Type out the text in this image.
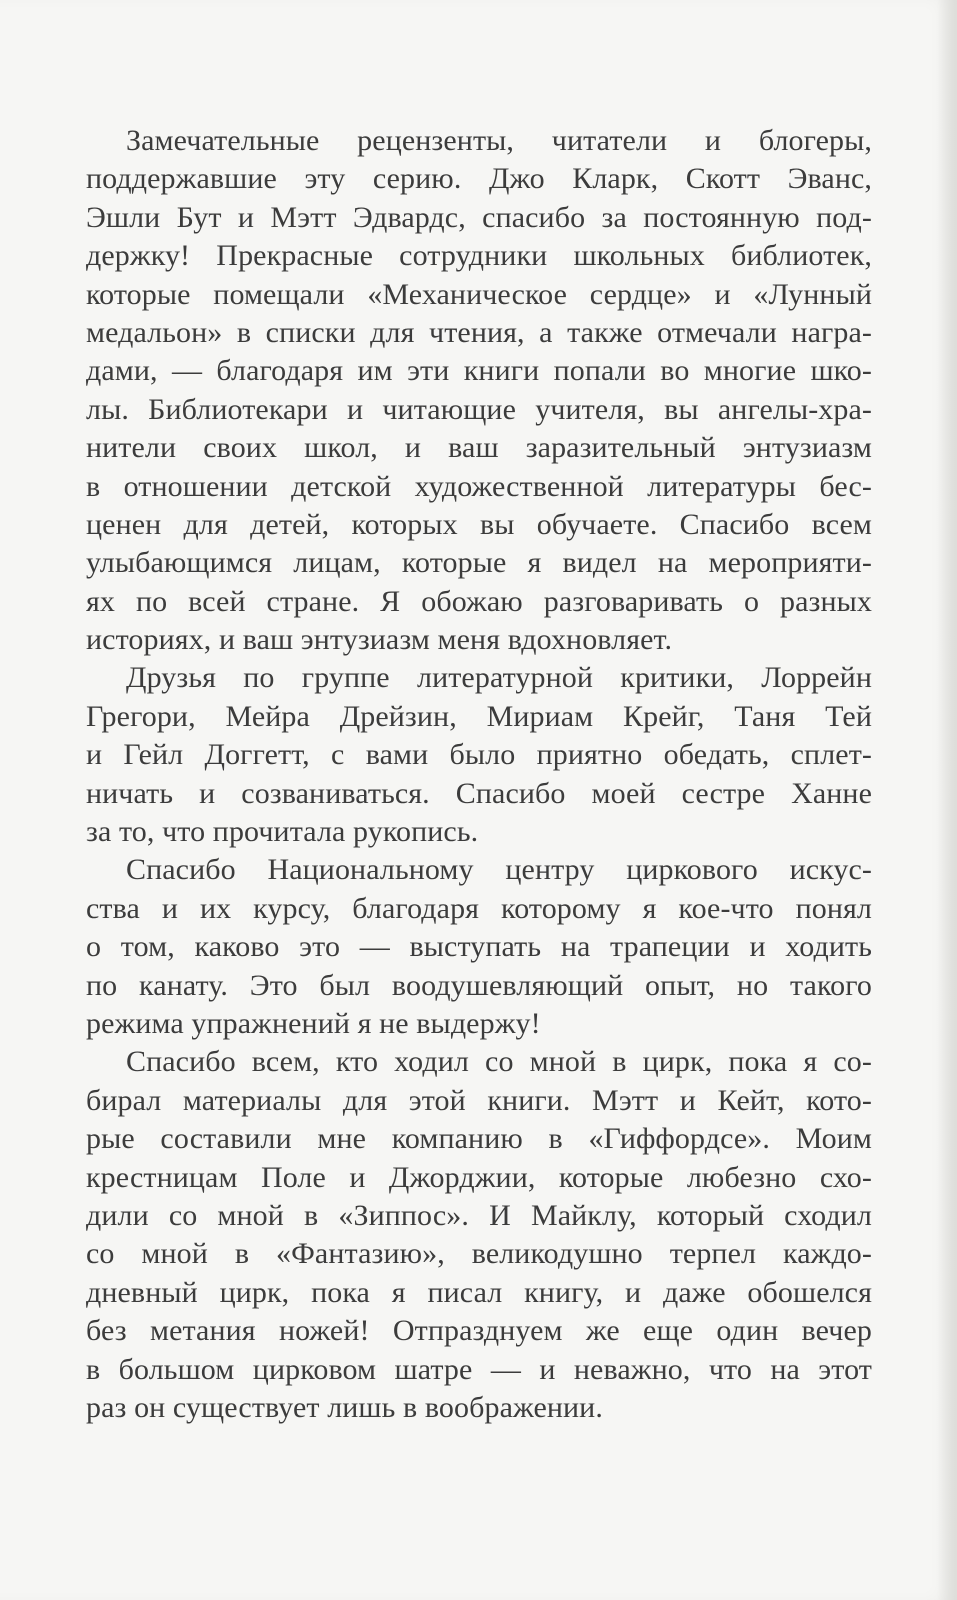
Замечательные рецензенты, читатели и блогеры,
поддержавшие эту серию. Джо Кларк, Скотт Эванс,
Эшли Бут и Мэтт Эдвардс, спасибо за постоянную под-
держку! Прекрасные сотрудники школьных библиотек,
которые помещали «Механическое сердце» и «Лунный
медальон» в списки для чтения, а также отмечали награ-
дами, — благодаря им эти книги попали во многие шко-
лы. Библиотекари и читающие учителя, вы ангелы-хра-
нители своих школ, и ваш заразительный энтузиазм
в отношении детской художественной литературы бес-
ценен для детей, которых вы обучаете. Спасибо всем
улыбающимся лицам, которые я видел на мероприяти-
ях по всей стране. Я обожаю разговаривать о разных
историях, и ваш энтузиазм меня вдохновляет.
Друзья по группе литературной критики, Лоррейн
Грегори, Мейра Дрейзин, Мириам Крейг, Таня Тей
и Гейл Доггетт, с вами было приятно обедать, сплет-
ничать и созваниваться. Спасибо моей сестре Ханне
за то, что прочитала рукопись.
Спасибо Национальному центру циркового искус-
ства и их курсу, благодаря которому я кое-что понял
о том, каково это — выступать на трапеции и ходить
по канату. Это был воодушевляющий опыт, но такого
режима упражнений я не выдержу!
Спасибо всем, кто ходил со мной в цирк, пока я со-
бирал материалы для этой книги. Мэтт и Кейт, кото-
рые составили мне компанию в «Гиффордсе». Моим
крестницам Поле и Джорджии, которые любезно схо-
дили со мной в «Зиппос». И Майклу, который сходил
со мной в «Фантазию», великодушно терпел каждо-
дневный цирк, пока я писал книгу, и даже обошелся
без метания ножей! Отпразднуем же еще один вечер
в большом цирковом шатре — и неважно, что на этот
раз он существует лишь в воображении.
